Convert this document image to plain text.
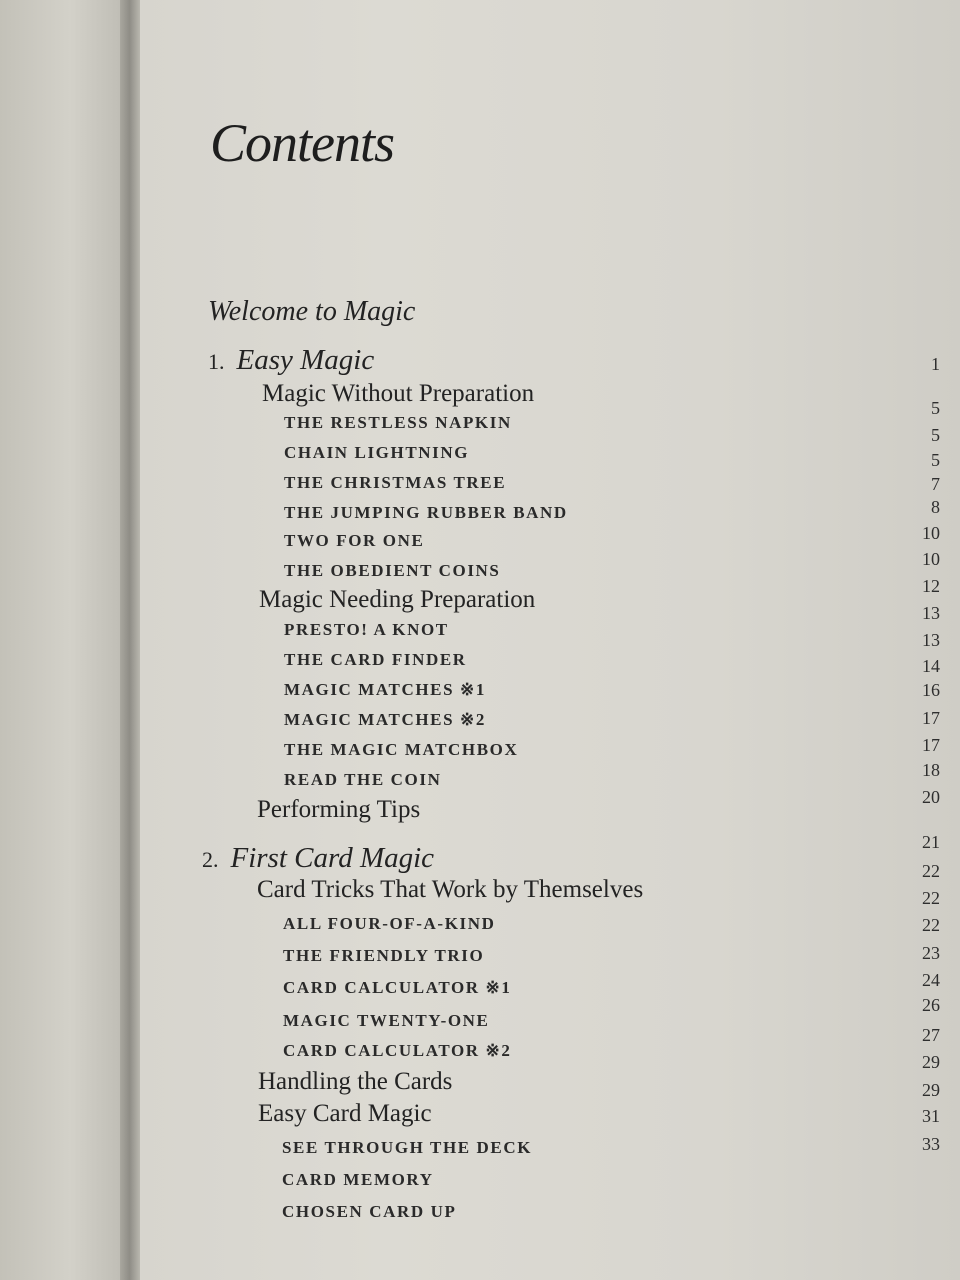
Contents
Welcome to Magic
1. Easy Magic
Magic Without Preparation
THE RESTLESS NAPKIN
CHAIN LIGHTNING
THE CHRISTMAS TREE
THE JUMPING RUBBER BAND
TWO FOR ONE
THE OBEDIENT COINS
Magic Needing Preparation
PRESTO! A KNOT
THE CARD FINDER
MAGIC MATCHES ※1
MAGIC MATCHES ※2
THE MAGIC MATCHBOX
READ THE COIN
Performing Tips
2. First Card Magic
Card Tricks That Work by Themselves
ALL FOUR-OF-A-KIND
THE FRIENDLY TRIO
CARD CALCULATOR ※1
MAGIC TWENTY-ONE
CARD CALCULATOR ※2
Handling the Cards
Easy Card Magic
SEE THROUGH THE DECK
CARD MEMORY
CHOSEN CARD UP
1
5
5
5
7
8
10
10
12
13
13
14
16
17
17
18
20
21
22
22
22
23
24
26
27
29
29
31
33
